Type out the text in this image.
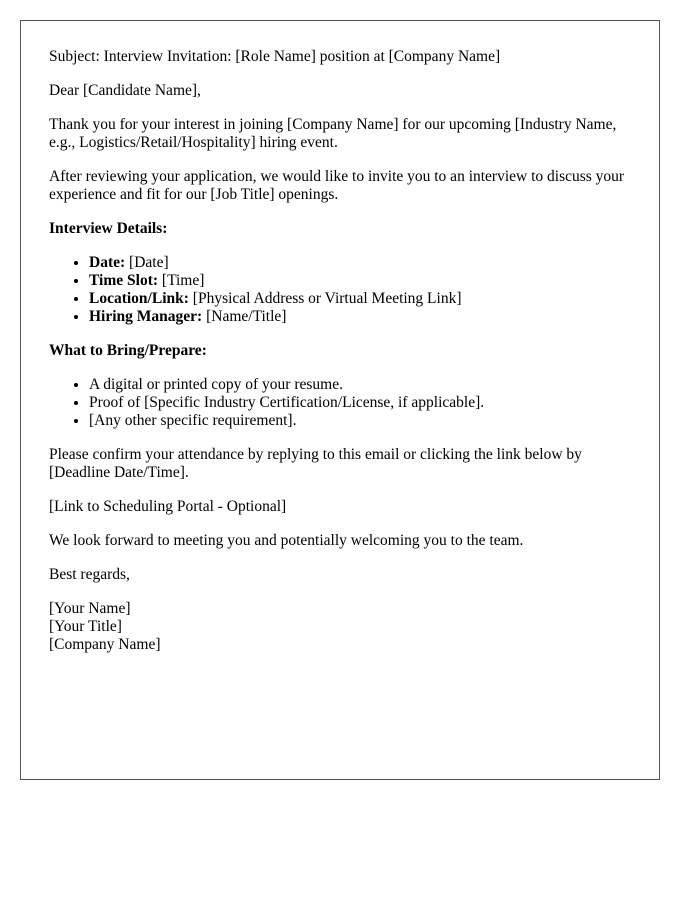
Subject: Interview Invitation: [Role Name] position at [Company Name]

Dear [Candidate Name],

Thank you for your interest in joining [Company Name] for our upcoming [Industry Name, e.g., Logistics/Retail/Hospitality] hiring event.

After reviewing your application, we would like to invite you to an interview to discuss your experience and fit for our [Job Title] openings.

Interview Details:

• Date: [Date]
• Time Slot: [Time]
• Location/Link: [Physical Address or Virtual Meeting Link]
• Hiring Manager: [Name/Title]

What to Bring/Prepare:

• A digital or printed copy of your resume.
• Proof of [Specific Industry Certification/License, if applicable].
• [Any other specific requirement].

Please confirm your attendance by replying to this email or clicking the link below by [Deadline Date/Time].

[Link to Scheduling Portal - Optional]

We look forward to meeting you and potentially welcoming you to the team.

Best regards,

[Your Name]
[Your Title]
[Company Name]
